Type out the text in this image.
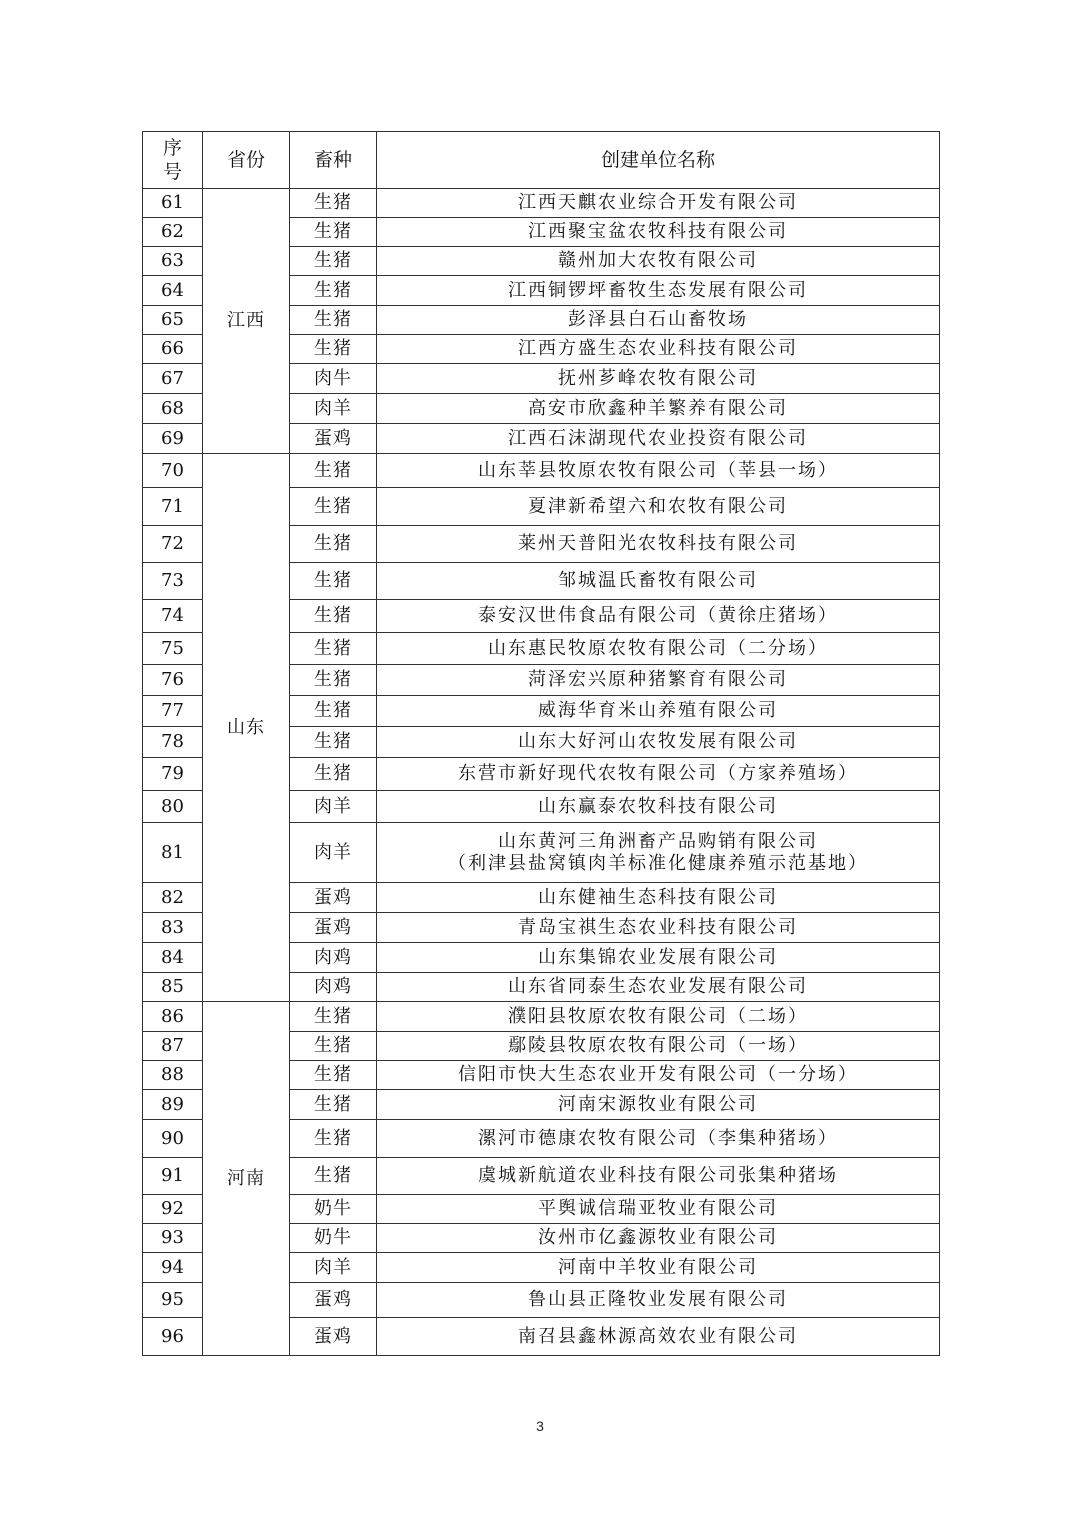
序号	省份	畜种	创建单位名称
61	江西	生猪	江西天麒农业综合开发有限公司
62		生猪	江西聚宝盆农牧科技有限公司
63		生猪	赣州加大农牧有限公司
64		生猪	江西铜锣坪畜牧生态发展有限公司
65		生猪	彭泽县白石山畜牧场
66		生猪	江西方盛生态农业科技有限公司
67		肉牛	抚州芗峰农牧有限公司
68		肉羊	高安市欣鑫种羊繁养有限公司
69		蛋鸡	江西石沫湖现代农业投资有限公司
70	山东	生猪	山东莘县牧原农牧有限公司（莘县一场）
71		生猪	夏津新希望六和农牧有限公司
72		生猪	莱州天普阳光农牧科技有限公司
73		生猪	邹城温氏畜牧有限公司
74		生猪	泰安汉世伟食品有限公司（黄徐庄猪场）
75		生猪	山东惠民牧原农牧有限公司（二分场）
76		生猪	菏泽宏兴原种猪繁育有限公司
77		生猪	威海华育米山养殖有限公司
78		生猪	山东大好河山农牧发展有限公司
79		生猪	东营市新好现代农牧有限公司（方家养殖场）
80		肉羊	山东赢泰农牧科技有限公司
81		肉羊	山东黄河三角洲畜产品购销有限公司
（利津县盐窝镇肉羊标准化健康养殖示范基地）
82		蛋鸡	山东健袖生态科技有限公司
83		蛋鸡	青岛宝祺生态农业科技有限公司
84		肉鸡	山东集锦农业发展有限公司
85		肉鸡	山东省同泰生态农业发展有限公司
86	河南	生猪	濮阳县牧原农牧有限公司（二场）
87		生猪	鄢陵县牧原农牧有限公司（一场）
88		生猪	信阳市快大生态农业开发有限公司（一分场）
89		生猪	河南宋源牧业有限公司
90		生猪	漯河市德康农牧有限公司（李集种猪场）
91		生猪	虞城新航道农业科技有限公司张集种猪场
92		奶牛	平舆诚信瑞亚牧业有限公司
93		奶牛	汝州市亿鑫源牧业有限公司
94		肉羊	河南中羊牧业有限公司
95		蛋鸡	鲁山县正隆牧业发展有限公司
96		蛋鸡	南召县鑫林源高效农业有限公司
3
